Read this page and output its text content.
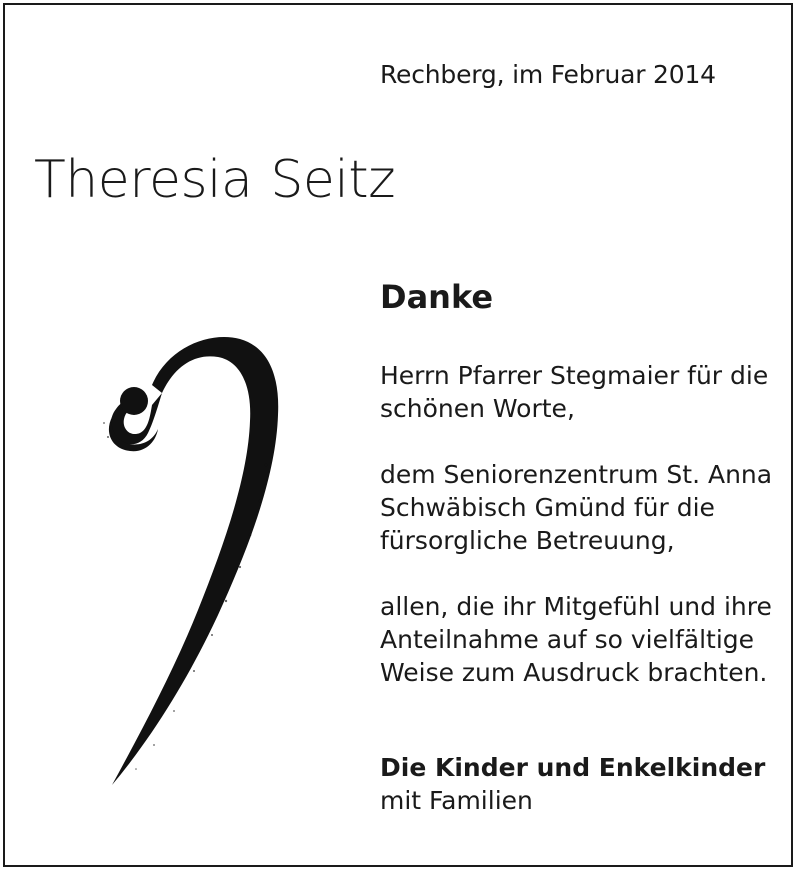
Rechberg, im Februar 2014
Theresia Seitz
Danke

Herrn Pfarrer Stegmaier für die
schönen Worte,

dem Seniorenzentrum St. Anna
Schwäbisch Gmünd für die
fürsorgliche Betreuung,

allen, die ihr Mitgefühl und ihre
Anteilnahme auf so vielfältige
Weise zum Ausdruck brachten.

Die Kinder und Enkelkinder
mit Familien
